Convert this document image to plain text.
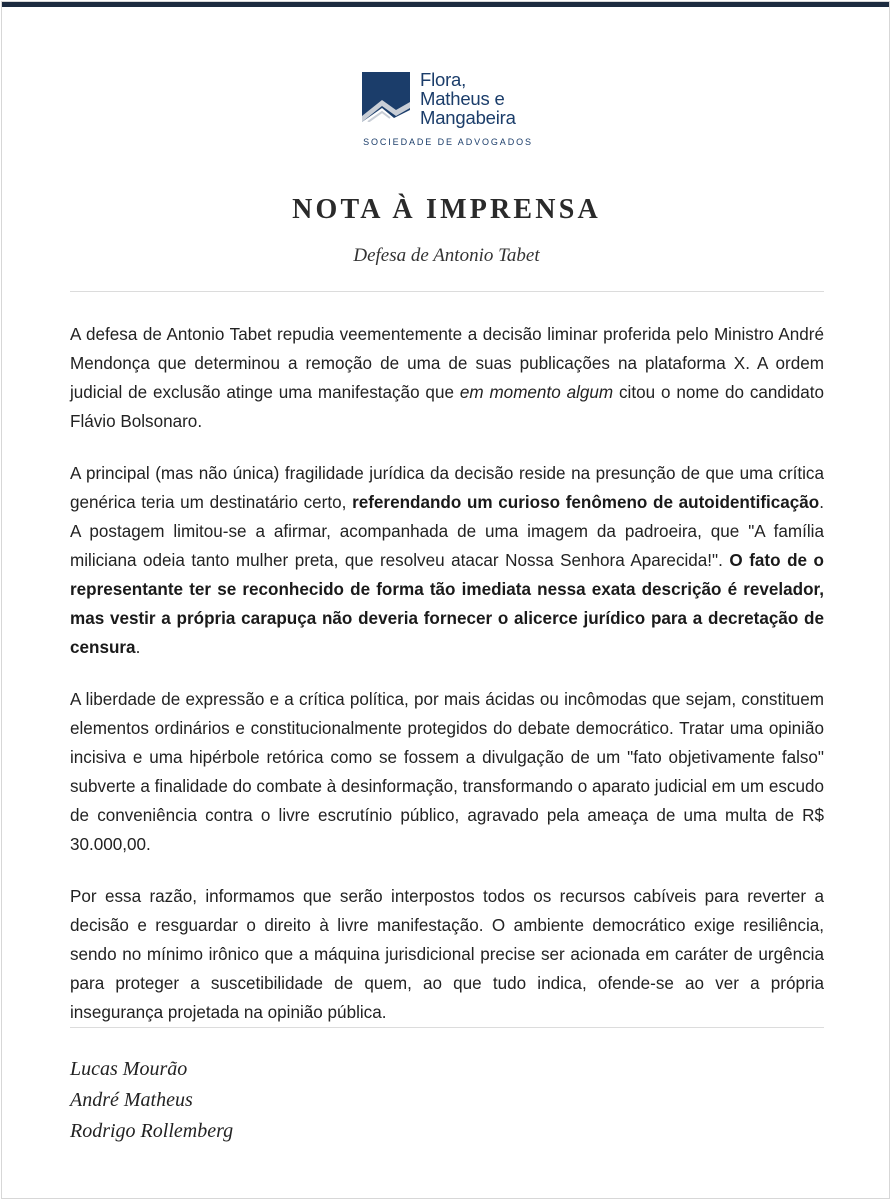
Flora,
Matheus e
Mangabeira
SOCIEDADE DE ADVOGADOS
NOTA À IMPRENSA
Defesa de Antonio Tabet

A defesa de Antonio Tabet repudia veementemente a decisão liminar proferida pelo Ministro André Mendonça que determinou a remoção de uma de suas publicações na plataforma X. A ordem judicial de exclusão atinge uma manifestação que em momento algum citou o nome do candidato Flávio Bolsonaro.

A principal (mas não única) fragilidade jurídica da decisão reside na presunção de que uma crítica genérica teria um destinatário certo, referendando um curioso fenômeno de autoidentificação. A postagem limitou-se a afirmar, acompanhada de uma imagem da padroeira, que "A família miliciana odeia tanto mulher preta, que resolveu atacar Nossa Senhora Aparecida!". O fato de o representante ter se reconhecido de forma tão imediata nessa exata descrição é revelador, mas vestir a própria carapuça não deveria fornecer o alicerce jurídico para a decretação de censura.

A liberdade de expressão e a crítica política, por mais ácidas ou incômodas que sejam, constituem elementos ordinários e constitucionalmente protegidos do debate democrático. Tratar uma opinião incisiva e uma hipérbole retórica como se fossem a divulgação de um "fato objetivamente falso" subverte a finalidade do combate à desinformação, transformando o aparato judicial em um escudo de conveniência contra o livre escrutínio público, agravado pela ameaça de uma multa de R$ 30.000,00.

Por essa razão, informamos que serão interpostos todos os recursos cabíveis para reverter a decisão e resguardar o direito à livre manifestação. O ambiente democrático exige resiliência, sendo no mínimo irônico que a máquina jurisdicional precise ser acionada em caráter de urgência para proteger a suscetibilidade de quem, ao que tudo indica, ofende-se ao ver a própria insegurança projetada na opinião pública.

Lucas Mourão
André Matheus
Rodrigo Rollemberg
